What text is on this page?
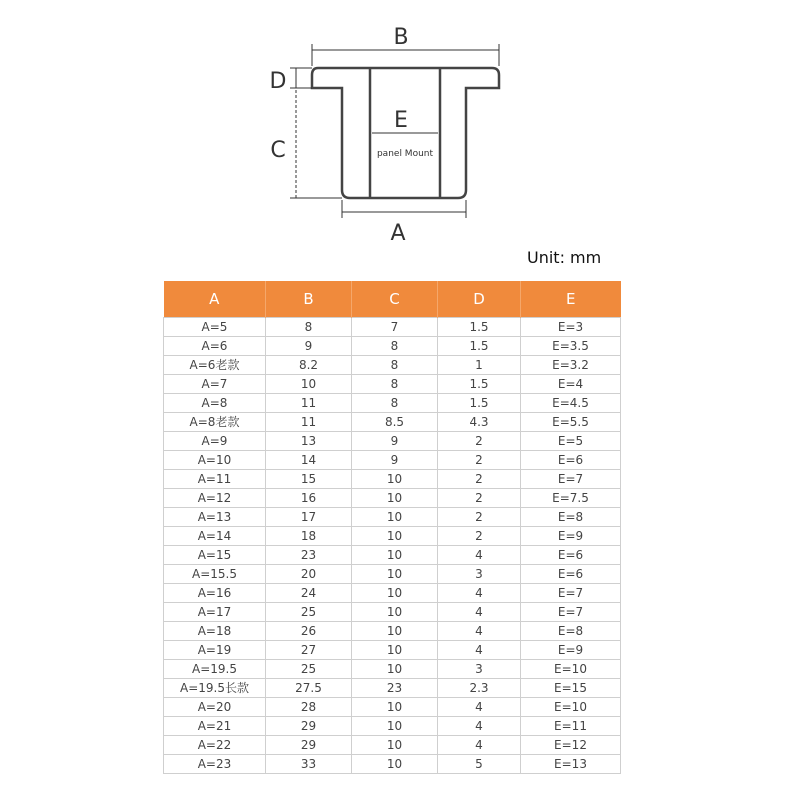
B
D
C
E
A
panel Mount
Unit: mm
A	B	C	D	E
A=5	8	7	1.5	E=3
A=6	9	8	1.5	E=3.5
A=6老款	8.2	8	1	E=3.2
A=7	10	8	1.5	E=4
A=8	11	8	1.5	E=4.5
A=8老款	11	8.5	4.3	E=5.5
A=9	13	9	2	E=5
A=10	14	9	2	E=6
A=11	15	10	2	E=7
A=12	16	10	2	E=7.5
A=13	17	10	2	E=8
A=14	18	10	2	E=9
A=15	23	10	4	E=6
A=15.5	20	10	3	E=6
A=16	24	10	4	E=7
A=17	25	10	4	E=7
A=18	26	10	4	E=8
A=19	27	10	4	E=9
A=19.5	25	10	3	E=10
A=19.5长款	27.5	23	2.3	E=15
A=20	28	10	4	E=10
A=21	29	10	4	E=11
A=22	29	10	4	E=12
A=23	33	10	5	E=13
